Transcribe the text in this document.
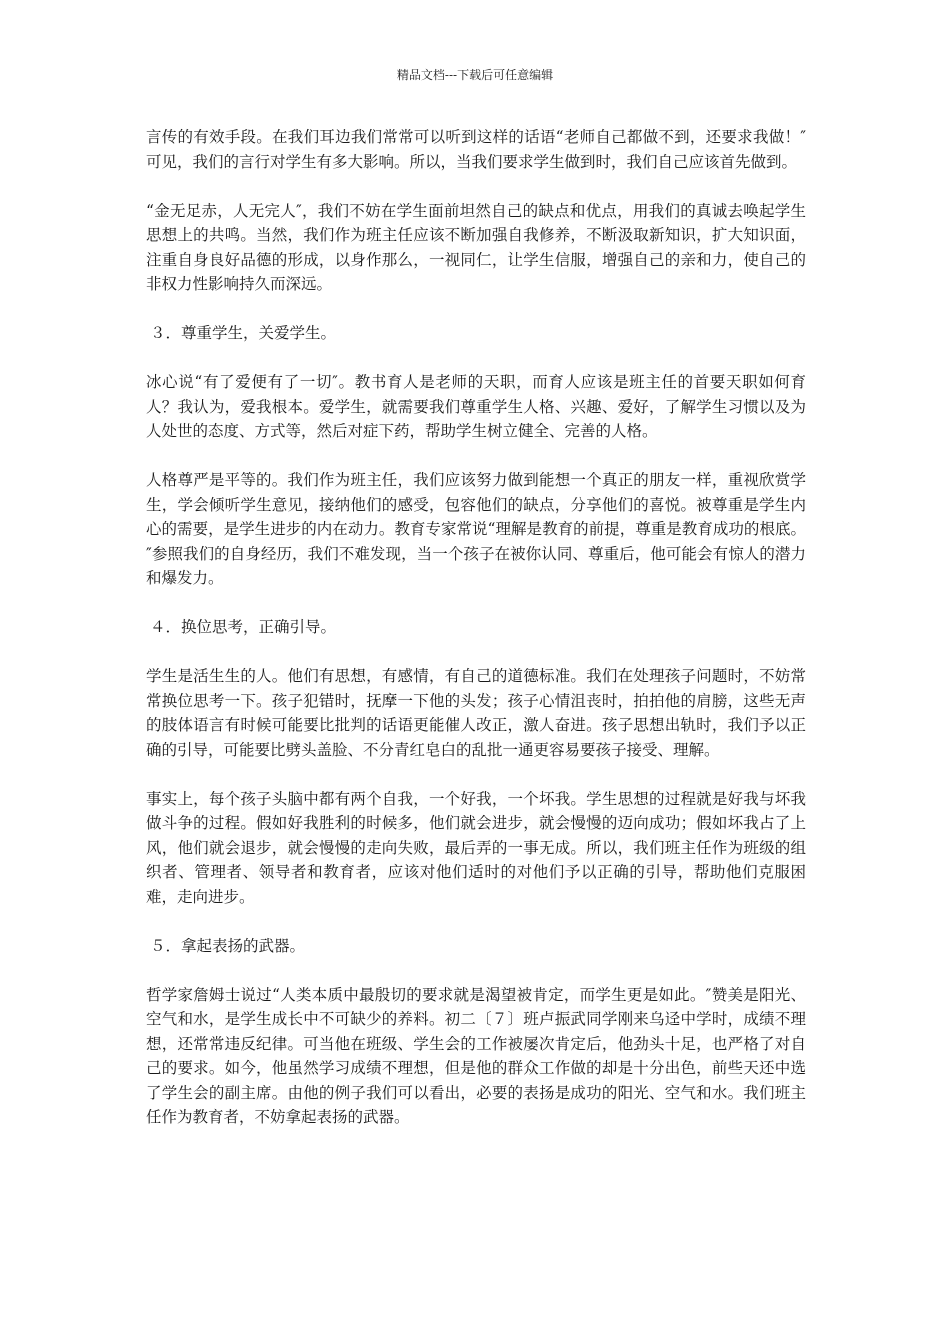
精品文档---下载后可任意编辑

言传的有效手段。在我们耳边我们常常可以听到这样的话语“老师自己都做不到，还要求我做！″可见，我们的言行对学生有多大影响。所以，当我们要求学生做到时，我们自己应该首先做到。

“金无足赤，人无完人″，我们不妨在学生面前坦然自己的缺点和优点，用我们的真诚去唤起学生思想上的共鸣。当然，我们作为班主任应该不断加强自我修养，不断汲取新知识，扩大知识面，注重自身良好品德的形成，以身作那么，一视同仁，让学生信服，增强自己的亲和力，使自己的非权力性影响持久而深远。

３．尊重学生，关爱学生。

冰心说“有了爱便有了一切″。教书育人是老师的天职，而育人应该是班主任的首要天职如何育人？我认为，爱我根本。爱学生，就需要我们尊重学生人格、兴趣、爱好，了解学生习惯以及为人处世的态度、方式等，然后对症下药，帮助学生树立健全、完善的人格。

人格尊严是平等的。我们作为班主任，我们应该努力做到能想一个真正的朋友一样，重视欣赏学生，学会倾听学生意见，接纳他们的感受，包容他们的缺点，分享他们的喜悦。被尊重是学生内心的需要，是学生进步的内在动力。教育专家常说“理解是教育的前提，尊重是教育成功的根底。″参照我们的自身经历，我们不难发现，当一个孩子在被你认同、尊重后，他可能会有惊人的潜力和爆发力。

４．换位思考，正确引导。

学生是活生生的人。他们有思想，有感情，有自己的道德标准。我们在处理孩子问题时，不妨常常换位思考一下。孩子犯错时，抚摩一下他的头发；孩子心情沮丧时，拍拍他的肩膀，这些无声的肢体语言有时候可能要比批判的话语更能催人改正，激人奋进。孩子思想出轨时，我们予以正确的引导，可能要比劈头盖脸、不分青红皂白的乱批一通更容易要孩子接受、理解。

事实上，每个孩子头脑中都有两个自我，一个好我，一个坏我。学生思想的过程就是好我与坏我做斗争的过程。假如好我胜利的时候多，他们就会进步，就会慢慢的迈向成功；假如坏我占了上风，他们就会退步，就会慢慢的走向失败，最后弄的一事无成。所以，我们班主任作为班级的组织者、管理者、领导者和教育者，应该对他们适时的对他们予以正确的引导，帮助他们克服困难，走向进步。

５．拿起表扬的武器。

哲学家詹姆士说过“人类本质中最殷切的要求就是渴望被肯定，而学生更是如此。″赞美是阳光、空气和水，是学生成长中不可缺少的养料。初二〔７〕班卢振武同学刚来乌迳中学时，成绩不理想，还常常违反纪律。可当他在班级、学生会的工作被屡次肯定后，他劲头十足，也严格了对自己的要求。如今，他虽然学习成绩不理想，但是他的群众工作做的却是十分出色，前些天还中选了学生会的副主席。由他的例子我们可以看出，必要的表扬是成功的阳光、空气和水。我们班主任作为教育者，不妨拿起表扬的武器。
